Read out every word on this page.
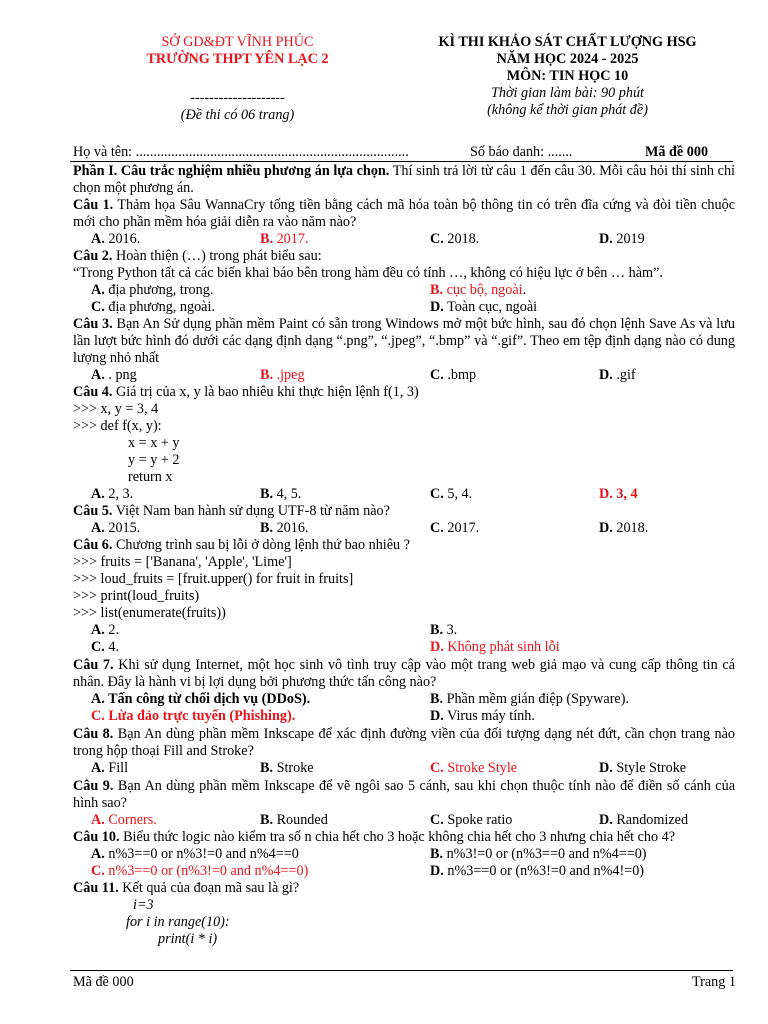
SỞ GD&ĐT VĨNH PHÚC
TRƯỜNG THPT YÊN LẠC 2
--------------------
(Đề thi có 06 trang)
KÌ THI KHẢO SÁT CHẤT LƯỢNG HSG
NĂM HỌC 2024 - 2025
MÔN: TIN HỌC 10
Thời gian làm bài: 90 phút
(không kể thời gian phát đề)
Họ và tên: .............................................................................	Số báo danh: .......	Mã đề 000

Phần I. Câu trắc nghiệm nhiều phương án lựa chọn. Thí sinh trả lời từ câu 1 đến câu 30. Mỗi câu hỏi thí sinh chỉ chọn một phương án.

Câu 1. Thảm họa Sâu WannaCry tống tiền bằng cách mã hóa toàn bộ thông tin có trên đĩa cứng và đòi tiền chuộc mới cho phần mềm hóa giải diễn ra vào năm nào?

A. 2016.	B. 2017.	C. 2018.	D. 2019

Câu 2. Hoàn thiện (…) trong phát biểu sau:

“Trong Python tất cả các biến khai báo bên trong hàm đều có tính …, không có hiệu lực ở bên … hàm”.

A. địa phương, trong.	B. cục bộ, ngoài.
C. địa phương, ngoài.	D. Toàn cục, ngoài

Câu 3. Bạn An Sử dụng phần mềm Paint có sẵn trong Windows mở một bức hình, sau đó chọn lệnh Save As và lưu lần lượt bức hình đó dưới các dạng định dạng “.png”, “.jpeg”, “.bmp” và “.gif”. Theo em tệp định dạng nào có dung lượng nhỏ nhất

A. . png	B. .jpeg	C. .bmp	D. .gif

Câu 4. Giá trị của x, y là bao nhiêu khi thực hiện lệnh f(1, 3)

>>> x, y = 3, 4
>>> def f(x, y):
x = x + y
y = y + 2
return x
A. 2, 3.	B. 4, 5.	C. 5, 4.	D. 3, 4

Câu 5. Việt Nam ban hành sử dụng UTF-8 từ năm nào?

A. 2015.	B. 2016.	C. 2017.	D. 2018.

Câu 6. Chương trình sau bị lỗi ở dòng lệnh thứ bao nhiêu ?

>>> fruits = ['Banana', 'Apple', 'Lime']
>>> loud_fruits = [fruit.upper() for fruit in fruits]
>>> print(loud_fruits)
>>> list(enumerate(fruits))
A. 2.	B. 3.
C. 4.	D. Không phát sinh lỗi

Câu 7. Khi sử dụng Internet, một học sinh vô tình truy cập vào một trang web giả mạo và cung cấp thông tin cá nhân. Đây là hành vi bị lợi dụng bởi phương thức tấn công nào?

A. Tấn công từ chối dịch vụ (DDoS).	B. Phần mềm gián điệp (Spyware).
C. Lừa đảo trực tuyến (Phishing).	D. Virus máy tính.

Câu 8. Bạn An dùng phần mềm Inkscape để xác định đường viền của đối tượng dạng nét đứt, cần chọn trang nào trong hộp thoại Fill and Stroke?

A. Fill	B. Stroke	C. Stroke Style	D. Style Stroke

Câu 9. Bạn An dùng phần mềm Inkscape để vẽ ngôi sao 5 cánh, sau khi chọn thuộc tính nào để điền số cánh của hình sao?

A. Corners.	B. Rounded	C. Spoke ratio	D. Randomized

Câu 10. Biểu thức logic nào kiểm tra số n chia hết cho 3 hoặc không chia hết cho 3 nhưng chia hết cho 4?

A. n%3==0 or n%3!=0 and n%4==0	B. n%3!=0 or (n%3==0 and n%4==0)
C. n%3==0 or (n%3!=0 and n%4==0)	D. n%3==0 or (n%3!=0 and n%4!=0)

Câu 11. Kết quả của đoạn mã sau là gì?

i=3
for i in range(10):
print(i * i)
Mã đề 000	Trang 1
